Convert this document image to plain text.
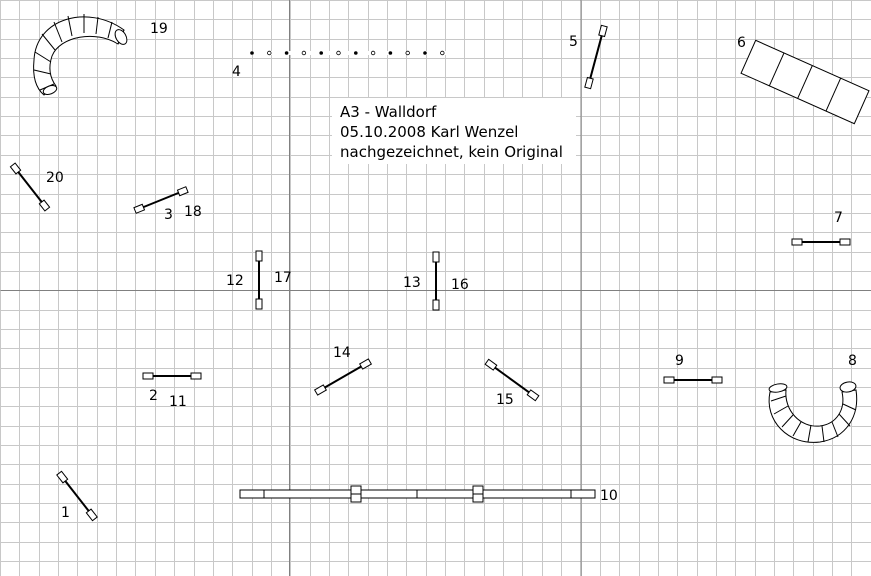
A3 - Walldorf
05.10.2008 Karl Wenzel
nachgezeichnet, kein Original
19
4
5	6
20
3 18	7
12 17	13 16
2 11
14
15
9	8
1
10
